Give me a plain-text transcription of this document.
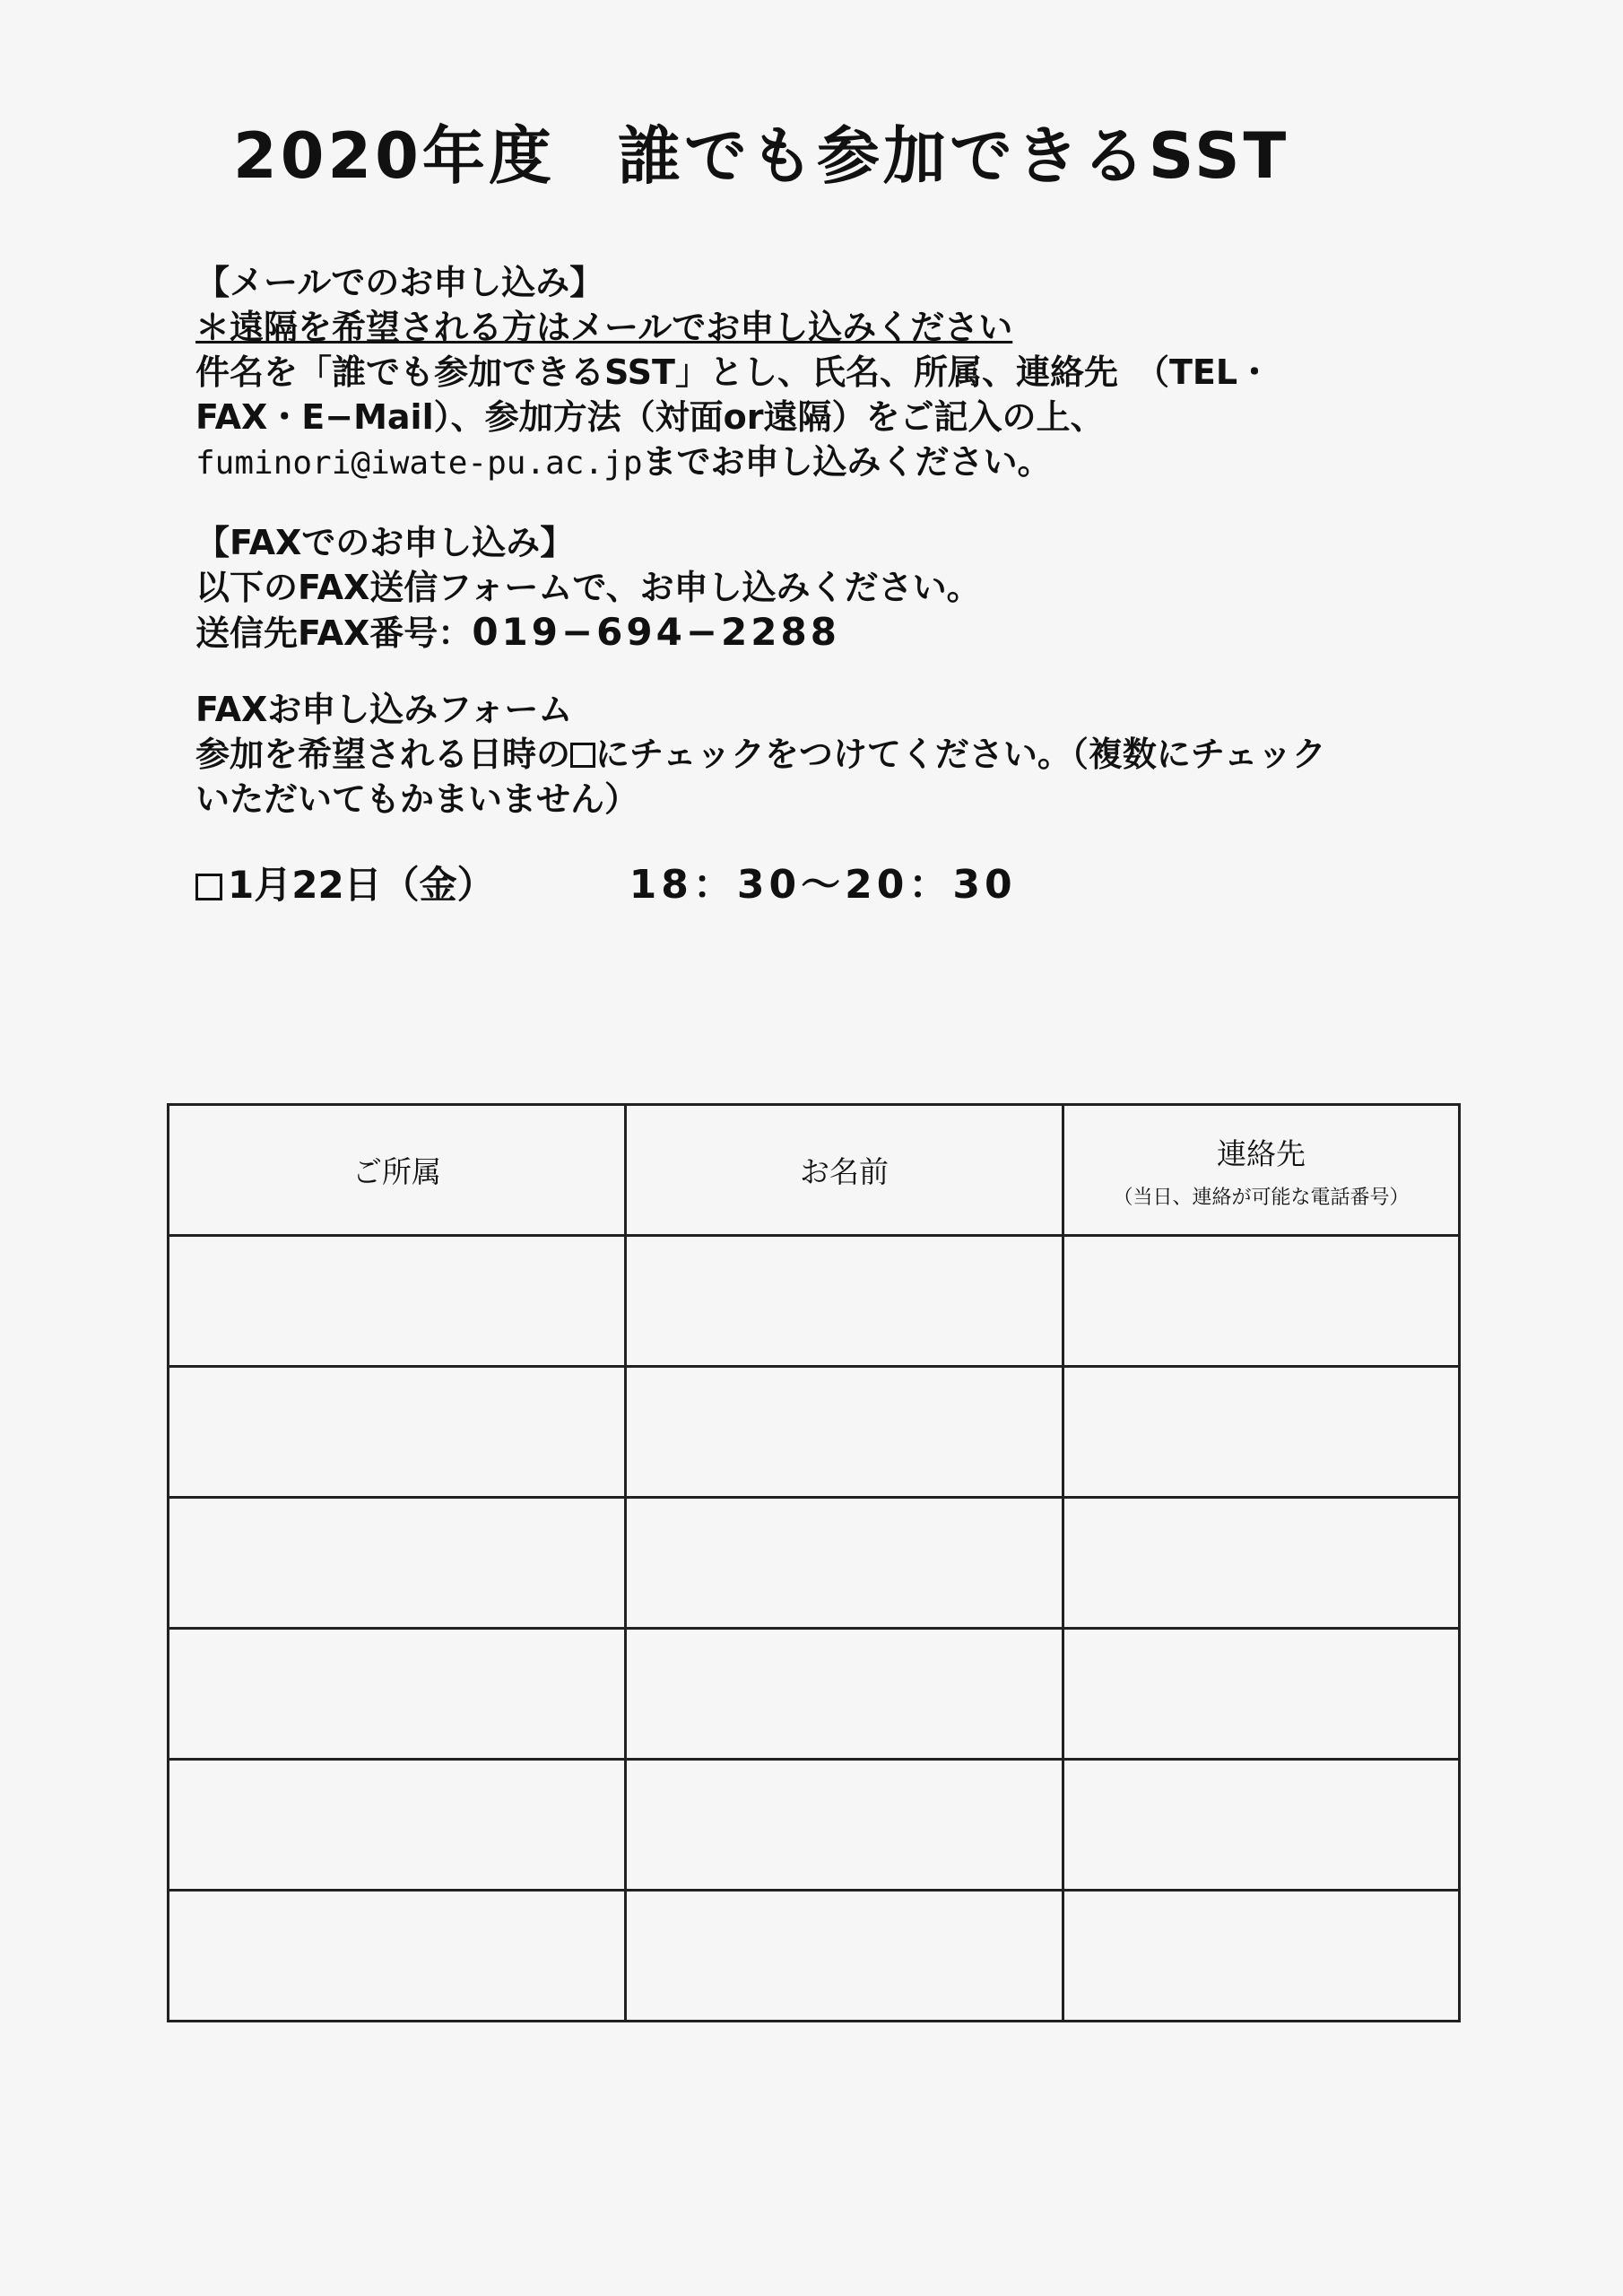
2020年度 誰でも参加できるSST

【メールでのお申し込み】

＊遠隔を希望される方はメールでお申し込みください

件名を「誰でも参加できるSST」とし、氏名、所属、連絡先　（TEL・

FAX・E−Mail）、参加方法（対面or遠隔）をご記入の上、

fuminori@iwate-pu.ac.jpまでお申し込みください。

【FAXでのお申し込み】

以下のFAX送信フォームで、お申し込みください。

送信先FAX番号：019−694−2288

FAXお申し込みフォーム

参加を希望される日時の にチェックをつけてください。（複数にチェック

いただいてもかまいません）

1月22日（金）	18：30〜20：30
ご所属	お名前	連絡先
（当日、連絡が可能な電話番号）
